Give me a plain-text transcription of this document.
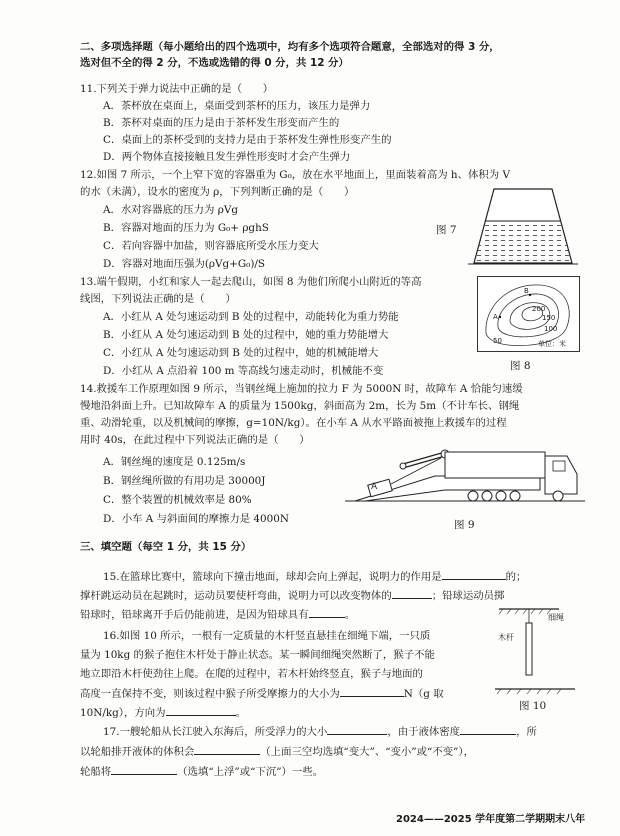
二、多项选择题（每小题给出的四个选项中，均有多个选项符合题意，全部选对的得 3 分，
选对但不全的得 2 分，不选或选错的得 0 分，共 12 分）
11.下列关于弹力说法中正确的是（　　）
A．茶杯放在桌面上，桌面受到茶杯的压力，该压力是弹力
B．茶杯对桌面的压力是由于茶杯发生形变而产生的
C．桌面上的茶杯受到的支持力是由于茶杯发生弹性形变产生的
D．两个物体直接接触且发生弹性形变时才会产生弹力
12.如图 7 所示，一个上窄下宽的容器重为 G₀，放在水平地面上，里面装着高为 h、体积为 V
的水（未满），设水的密度为 ρ，下列判断正确的是（　　）
A．水对容器底的压力为 ρVg
B．容器对地面的压力为 G₀+ ρghS
C．若向容器中加盐，则容器底所受水压力变大
D．容器对地面压强为(ρVg+G₀)/S
图 7
13.端午假期，小红和家人一起去爬山，如图 8 为他们所爬小山附近的等高
线图，下列说法正确的是（　　）
A．小红从 A 处匀速运动到 B 处的过程中，动能转化为重力势能
B．小红从 A 处匀速运动到 B 处的过程中，她的重力势能增大
C．小红从 A 处匀速运动到 B 处的过程中，她的机械能增大
D．小红从 A 点沿着 100 m 等高线匀速走动时，机械能不变
200
150
100
50
A
B
单位：米
图 8
14.救援车工作原理如图 9 所示，当钢丝绳上施加的拉力 F 为 5000N 时，故障车 A 恰能匀速缓
慢地沿斜面上升。已知故障车 A 的质量为 1500kg，斜面高为 2m，长为 5m（不计车长、钢绳
重、动滑轮重，以及机械间的摩擦，g=10N/kg）。在小车 A 从水平路面被拖上救援车的过程
用时 40s，在此过程中下列说法正确的是（　　）
A．钢丝绳的速度是 0.125m/s
B．钢丝绳所做的有用功是 30000J
C．整个装置的机械效率是 80%
D．小车 A 与斜面间的摩擦力是 4000N
A
图 9
三、填空题（每空 1 分，共 15 分）
15.在篮球比赛中，篮球向下撞击地面，球却会向上弹起，说明力的作用是	的；
撑杆跳运动员在起跳时，运动员要使杆弯曲，说明力可以改变物体的	；铅球运动员掷
铅球时，铅球离开手后仍能前进，是因为铅球具有	。
16.如图 10 所示，一根有一定质量的木杆竖直悬挂在细绳下端，一只质
量为 10kg 的猴子抱住木杆处于静止状态。某一瞬间细绳突然断了，猴子不能
地立即沿木杆使劲往上爬。在爬的过程中，若木杆始终竖直，猴子与地面的
高度一直保持不变，则该过程中猴子所受摩擦力的大小为	N（g 取
10N/kg），方向为	。
细绳
木杆
图 10
17.一艘轮船从长江驶入东海后，所受浮力的大小	，由于液体密度	，所
以轮船排开液体的体积会	（上面三空均选填“变大”、“变小”或“不变”），
轮船将	（选填“上浮”或“下沉”）一些。
2024——2025 学年度第二学期期末八年
